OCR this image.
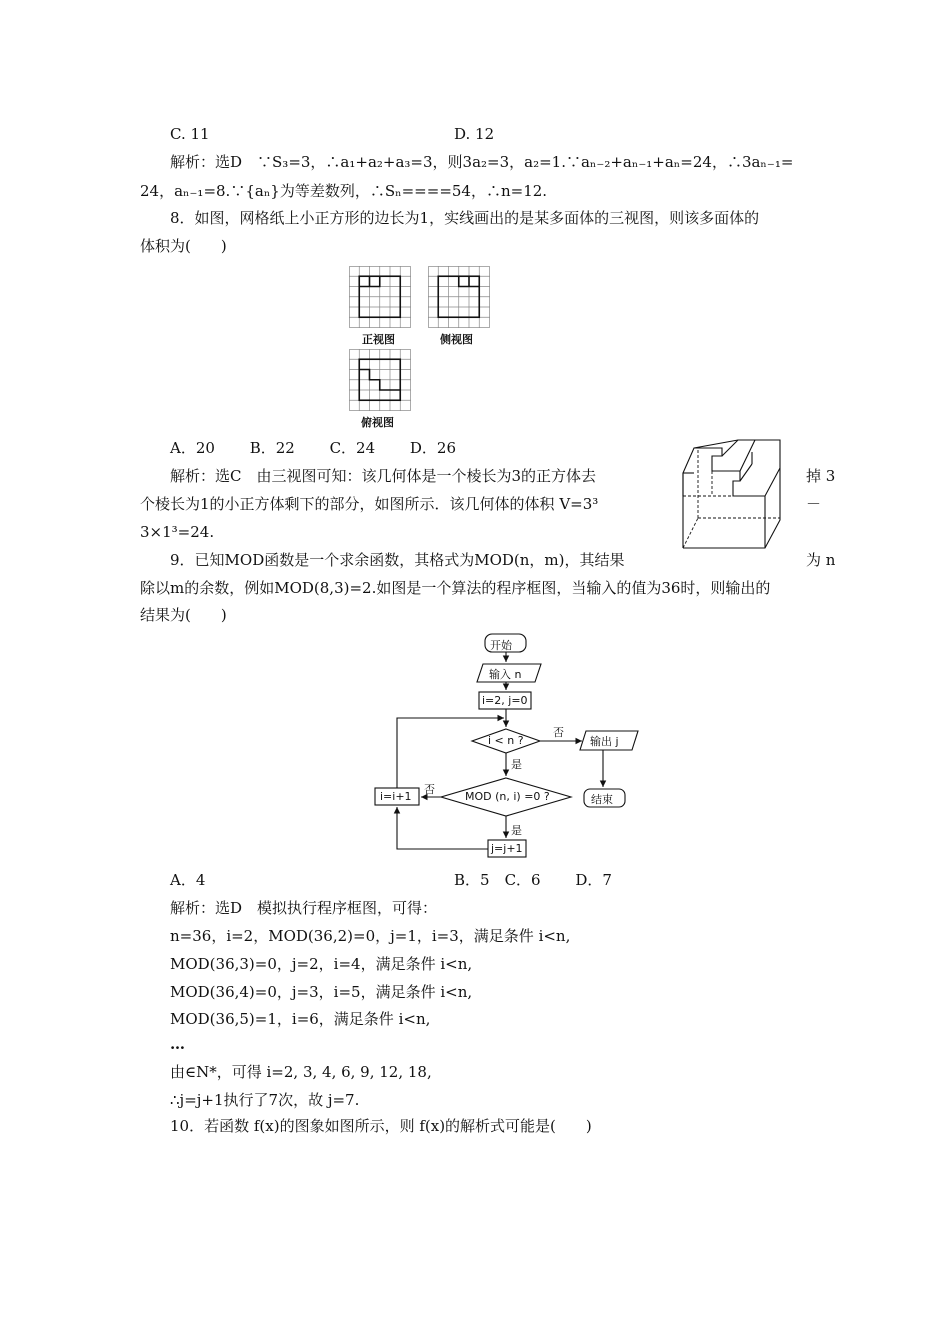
C. 11	D. 12
解析：选D　∵S₃=3，∴a₁+a₂+a₃=3，则3a₂=3，a₂=1.∵aₙ₋₂+aₙ₋₁+aₙ=24，∴3aₙ₋₁=
24，aₙ₋₁=8.∵{aₙ}为等差数列，∴Sₙ====54，∴n=12.
8．如图，网格纸上小正方形的边长为1，实线画出的是某多面体的三视图，则该多面体的
体积为(　　)
正视图	侧视图
俯视图
A．20　　 B．22　　 C．24　　 D．26
解析：选C　由三视图可知：该几何体是一个棱长为3的正方体去	掉 3
个棱长为1的小正方体剩下的部分，如图所示．该几何体的体积 V=3³	－
3×1³=24.
9．已知MOD函数是一个求余函数，其格式为MOD(n，m)，其结果	为 n
除以m的余数，例如MOD(8,3)=2.如图是一个算法的程序框图，当输入的值为36时，则输出的
结果为(　　)
开始
输入 n
i=2, j=0
i < n ?
否
是
输出 j
结束
MOD (n, i) =0 ?
否
是
i=i+1
j=j+1
A．4	B．5　C．6　　 D．7
解析：选D　模拟执行程序框图，可得：
n=36，i=2，MOD(36,2)=0，j=1，i=3，满足条件 i<n,
MOD(36,3)=0，j=2，i=4，满足条件 i<n,
MOD(36,4)=0，j=3，i=5，满足条件 i<n,
MOD(36,5)=1，i=6，满足条件 i<n,
…
由∈N*，可得 i=2, 3, 4, 6, 9, 12, 18,
∴j=j+1执行了7次，故 j=7.
10．若函数 f(x)的图象如图所示，则 f(x)的解析式可能是(　　)
